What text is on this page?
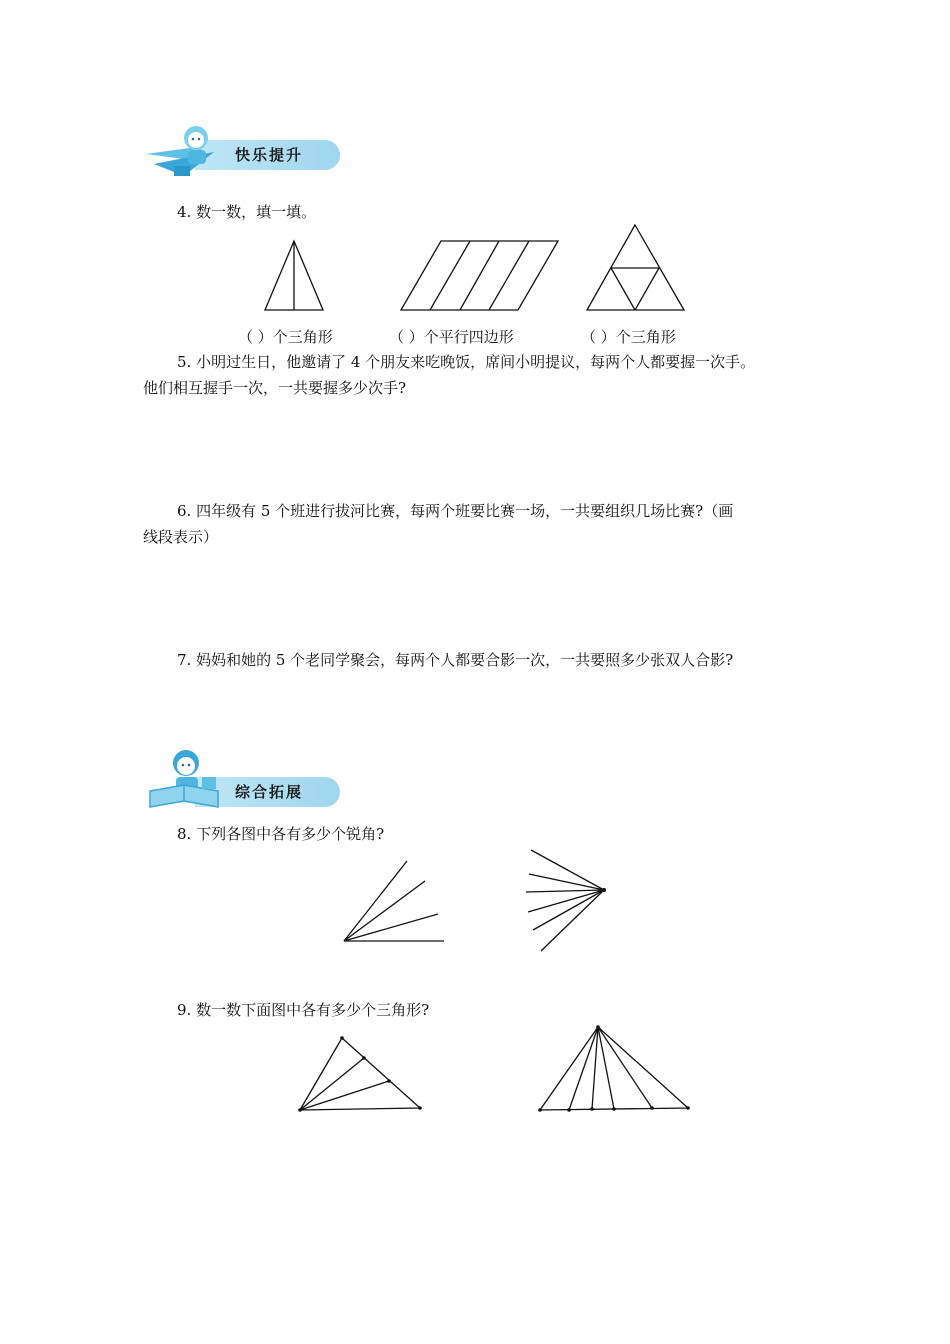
快乐提升
4. 数一数，填一填。
（ ）个三角形	（ ）个平行四边形	（ ）个三角形
5. 小明过生日，他邀请了 4 个朋友来吃晚饭，席间小明提议，每两个人都要握一次手。
他们相互握手一次，一共要握多少次手?
6. 四年级有 5 个班进行拔河比赛，每两个班要比赛一场，一共要组织几场比赛?（画
线段表示）
7. 妈妈和她的 5 个老同学聚会，每两个人都要合影一次，一共要照多少张双人合影?
综合拓展
8. 下列各图中各有多少个锐角?
9. 数一数下面图中各有多少个三角形?
